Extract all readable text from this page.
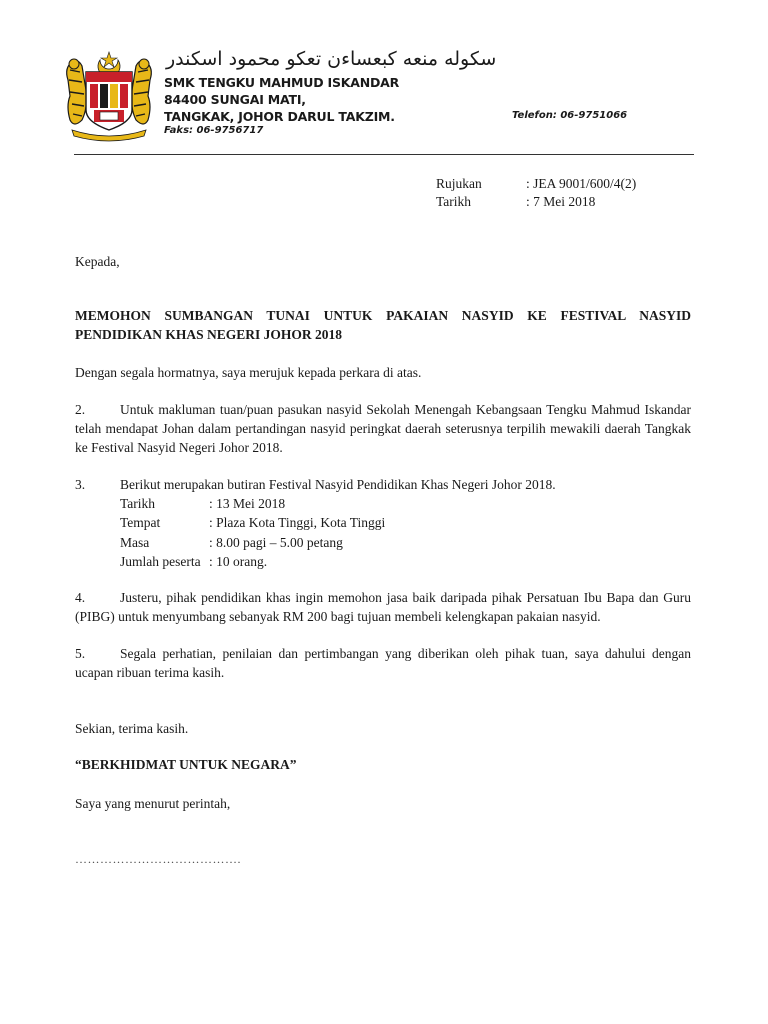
سكوله منعه كبعساءن تعكو محمود اسكندر
SMK TENGKU MAHMUD ISKANDAR
84400 SUNGAI MATI,
TANGKAK, JOHOR DARUL TAKZIM.
Faks: 06-9756717
Telefon: 06-9751066
Rujukan	: JEA 9001/600/4(2)
Tarikh	: 7 Mei 2018
Kepada,
MEMOHON SUMBANGAN TUNAI UNTUK PAKAIAN NASYID KE FESTIVAL NASYID PENDIDIKAN KHAS NEGERI JOHOR 2018
Dengan segala hormatnya, saya merujuk kepada perkara di atas.
2.	Untuk makluman tuan/puan pasukan nasyid Sekolah Menengah Kebangsaan Tengku Mahmud Iskandar telah mendapat Johan dalam pertandingan nasyid peringkat daerah seterusnya terpilih mewakili daerah Tangkak ke Festival Nasyid Negeri Johor 2018.
3.	Berikut merupakan butiran Festival Nasyid Pendidikan Khas Negeri Johor 2018.
Tarikh	: 13 Mei 2018
Tempat	: Plaza Kota Tinggi, Kota Tinggi
Masa	: 8.00 pagi – 5.00 petang
Jumlah peserta : 10 orang.
4.	Justeru, pihak pendidikan khas ingin memohon jasa baik daripada pihak Persatuan Ibu Bapa dan Guru (PIBG) untuk menyumbang sebanyak RM 200 bagi tujuan membeli kelengkapan pakaian nasyid.
5.	Segala perhatian, penilaian dan pertimbangan yang diberikan oleh pihak tuan, saya dahului dengan ucapan ribuan terima kasih.
Sekian, terima kasih.
“BERKHIDMAT UNTUK NEGARA”
Saya yang menurut perintah,
………………………………….
